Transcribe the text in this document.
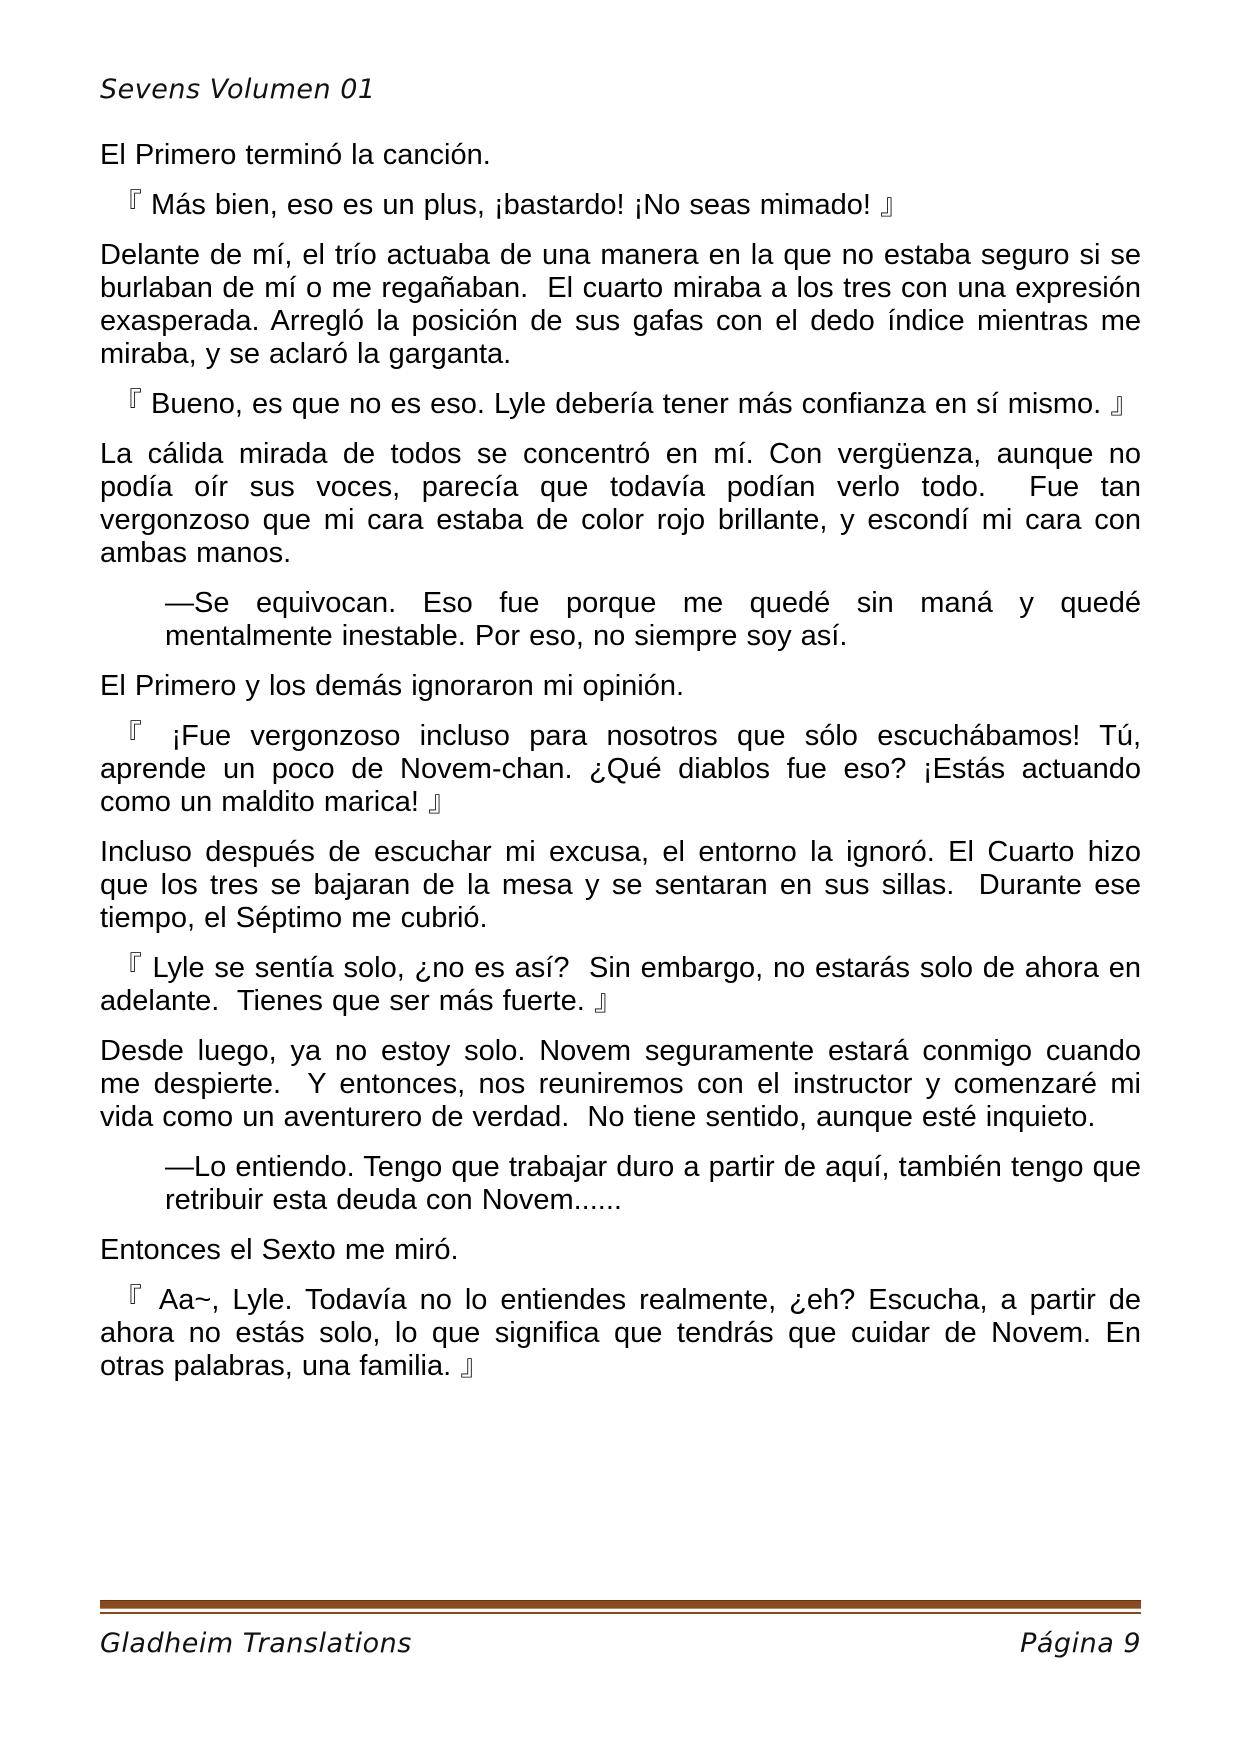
Sevens Volumen 01

El Primero terminó la canción.

『 Más bien, eso es un plus, ¡bastardo! ¡No seas mimado! 』

Delante de mí, el trío actuaba de una manera en la que no estaba seguro si se burlaban de mí o me regañaban.  El cuarto miraba a los tres con una expresión exasperada. Arregló la posición de sus gafas con el dedo índice mientras me miraba, y se aclaró la garganta.

『 Bueno, es que no es eso. Lyle debería tener más confianza en sí mismo. 』

La cálida mirada de todos se concentró en mí. Con vergüenza, aunque no podía oír sus voces, parecía que todavía podían verlo todo.  Fue tan vergonzoso que mi cara estaba de color rojo brillante, y escondí mi cara con ambas manos.

—Se equivocan. Eso fue porque me quedé sin maná y quedé mentalmente inestable. Por eso, no siempre soy así.

El Primero y los demás ignoraron mi opinión.

『 ¡Fue vergonzoso incluso para nosotros que sólo escuchábamos! Tú, aprende un poco de Novem-chan. ¿Qué diablos fue eso? ¡Estás actuando como un maldito marica! 』

Incluso después de escuchar mi excusa, el entorno la ignoró. El Cuarto hizo que los tres se bajaran de la mesa y se sentaran en sus sillas.  Durante ese tiempo, el Séptimo me cubrió.

『 Lyle se sentía solo, ¿no es así?  Sin embargo, no estarás solo de ahora en adelante.  Tienes que ser más fuerte. 』

Desde luego, ya no estoy solo. Novem seguramente estará conmigo cuando me despierte.  Y entonces, nos reuniremos con el instructor y comenzaré mi vida como un aventurero de verdad.  No tiene sentido, aunque esté inquieto.

—Lo entiendo. Tengo que trabajar duro a partir de aquí, también tengo que retribuir esta deuda con Novem......

Entonces el Sexto me miró.

『 Aa~, Lyle. Todavía no lo entiendes realmente, ¿eh? Escucha, a partir de ahora no estás solo, lo que significa que tendrás que cuidar de Novem. En otras palabras, una familia. 』

Gladheim Translations	Página 9
